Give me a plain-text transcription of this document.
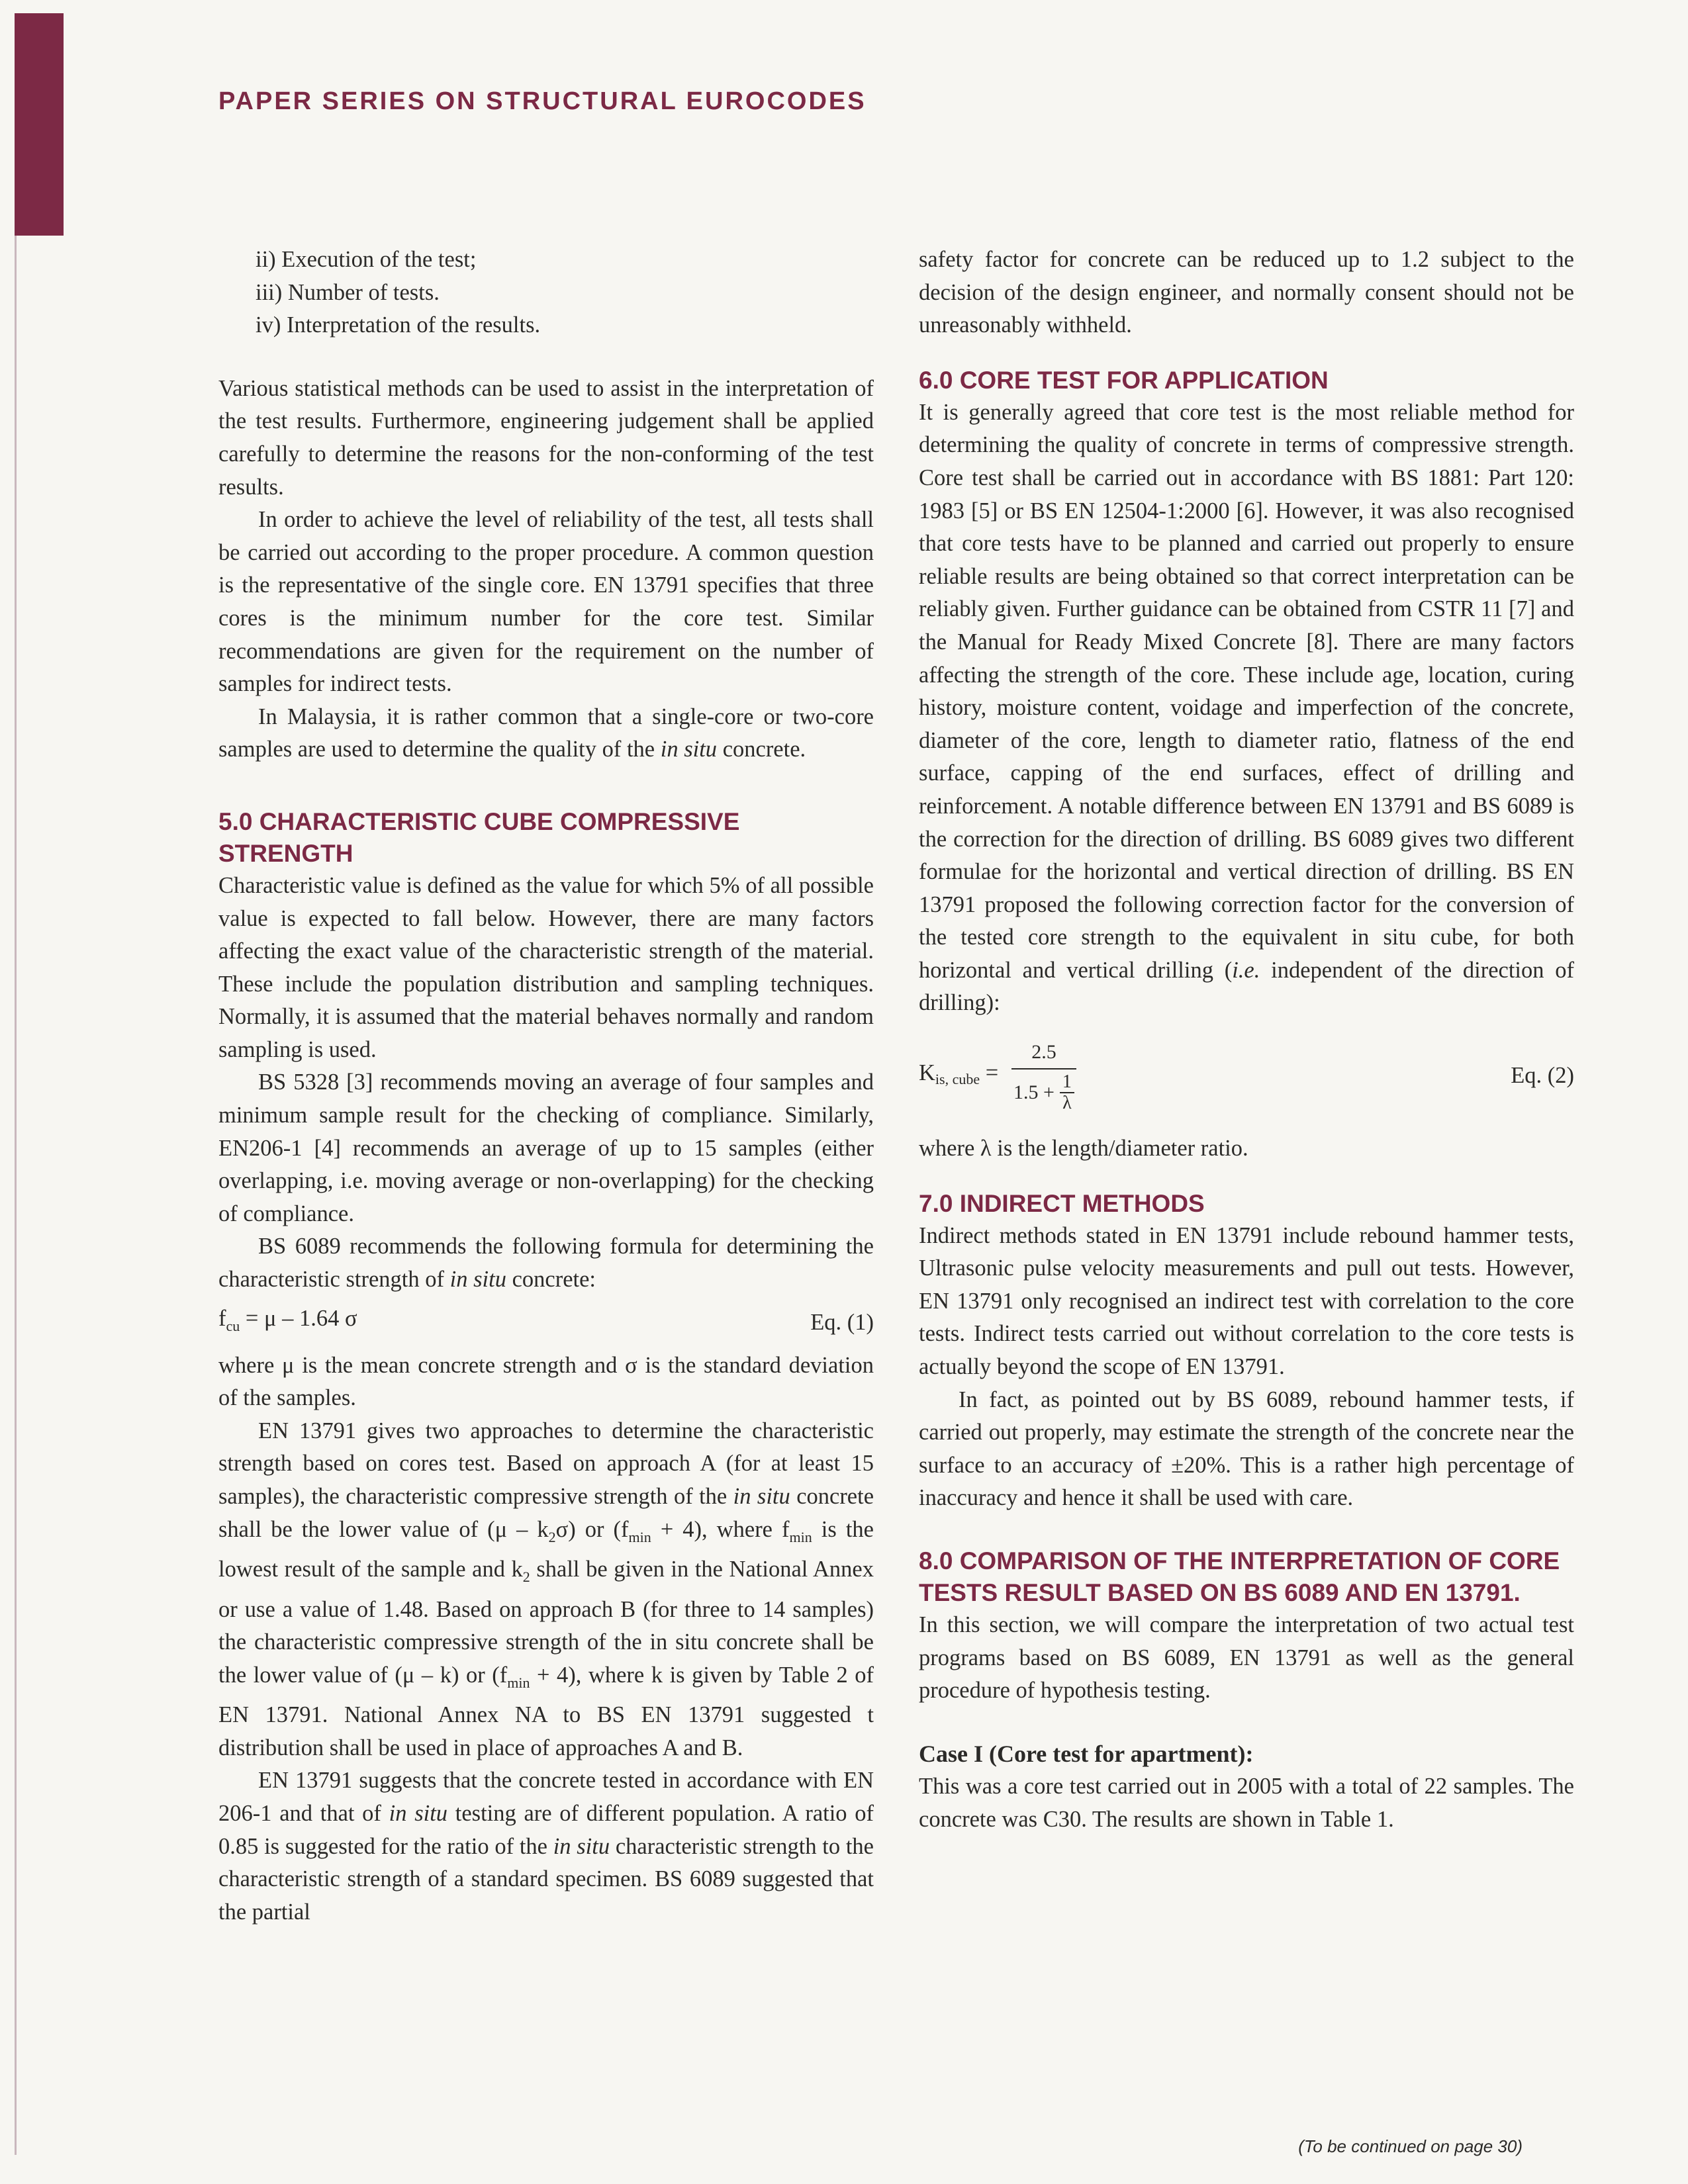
PAPER SERIES ON STRUCTURAL EUROCODES
ii) Execution of the test;
iii) Number of tests.
iv) Interpretation of the results.

Various statistical methods can be used to assist in the interpretation of the test results. Furthermore, engineering judgement shall be applied carefully to determine the reasons for the non-conforming of the test results.

In order to achieve the level of reliability of the test, all tests shall be carried out according to the proper procedure. A common question is the representative of the single core. EN 13791 specifies that three cores is the minimum number for the core test. Similar recommendations are given for the requirement on the number of samples for indirect tests.

In Malaysia, it is rather common that a single-core or two-core samples are used to determine the quality of the in situ concrete.

5.0 CHARACTERISTIC CUBE COMPRESSIVE STRENGTH

Characteristic value is defined as the value for which 5% of all possible value is expected to fall below. However, there are many factors affecting the exact value of the characteristic strength of the material. These include the population distribution and sampling techniques. Normally, it is assumed that the material behaves normally and random sampling is used.

BS 5328 [3] recommends moving an average of four samples and minimum sample result for the checking of compliance. Similarly, EN206-1 [4] recommends an average of up to 15 samples (either overlapping, i.e. moving average or non-overlapping) for the checking of compliance.

BS 6089 recommends the following formula for determining the characteristic strength of in situ concrete:

$f_{cu} = \mu - 1.64$ σ	Eq. (1)

where μ is the mean concrete strength and σ is the standard deviation of the samples.

EN 13791 gives two approaches to determine the characteristic strength based on cores test. Based on approach A (for at least 15 samples), the characteristic compressive strength of the in situ concrete shall be the lower value of $(\mu - k_2\sigma)$ or $(f_{min} + 4)$, where $f_{min}$ is the lowest result of the sample and $k_2$ shall be given in the National Annex or use a value of 1.48. Based on approach B (for three to 14 samples) the characteristic compressive strength of the in situ concrete shall be the lower value of (μ – k) or $(f_{min} + 4)$, where k is given by Table 2 of EN 13791. National Annex NA to BS EN 13791 suggested t distribution shall be used in place of approaches A and B.

EN 13791 suggests that the concrete tested in accordance with EN 206-1 and that of in situ testing are of different population. A ratio of 0.85 is suggested for the ratio of the in situ characteristic strength to the characteristic strength of a standard specimen. BS 6089 suggested that the partial

safety factor for concrete can be reduced up to 1.2 subject to the decision of the design engineer, and normally consent should not be unreasonably withheld.

6.0 CORE TEST FOR APPLICATION

It is generally agreed that core test is the most reliable method for determining the quality of concrete in terms of compressive strength. Core test shall be carried out in accordance with BS 1881: Part 120: 1983 [5] or BS EN 12504-1:2000 [6]. However, it was also recognised that core tests have to be planned and carried out properly to ensure reliable results are being obtained so that correct interpretation can be reliably given. Further guidance can be obtained from CSTR 11 [7] and the Manual for Ready Mixed Concrete [8]. There are many factors affecting the strength of the core. These include age, location, curing history, moisture content, voidage and imperfection of the concrete, diameter of the core, length to diameter ratio, flatness of the end surface, capping of the end surfaces, effect of drilling and reinforcement. A notable difference between EN 13791 and BS 6089 is the correction for the direction of drilling. BS 6089 gives two different formulae for the horizontal and vertical direction of drilling. BS EN 13791 proposed the following correction factor for the conversion of the tested core strength to the equivalent in situ cube, for both horizontal and vertical drilling (i.e. independent of the direction of drilling):

Kis, cube = $\frac{2.5}{1.5 + \frac{1}{\lambda}}$	Eq. (2)

where λ is the length/diameter ratio.

7.0 INDIRECT METHODS

Indirect methods stated in EN 13791 include rebound hammer tests, Ultrasonic pulse velocity measurements and pull out tests. However, EN 13791 only recognised an indirect test with correlation to the core tests. Indirect tests carried out without correlation to the core tests is actually beyond the scope of EN 13791.

In fact, as pointed out by BS 6089, rebound hammer tests, if carried out properly, may estimate the strength of the concrete near the surface to an accuracy of ±20%. This is a rather high percentage of inaccuracy and hence it shall be used with care.

8.0 COMPARISON OF THE INTERPRETATION OF CORE TESTS RESULT BASED ON BS 6089 AND EN 13791.

In this section, we will compare the interpretation of two actual test programs based on BS 6089, EN 13791 as well as the general procedure of hypothesis testing.

Case I (Core test for apartment):

This was a core test carried out in 2005 with a total of 22 samples. The concrete was C30. The results are shown in Table 1.

(To be continued on page 30)
